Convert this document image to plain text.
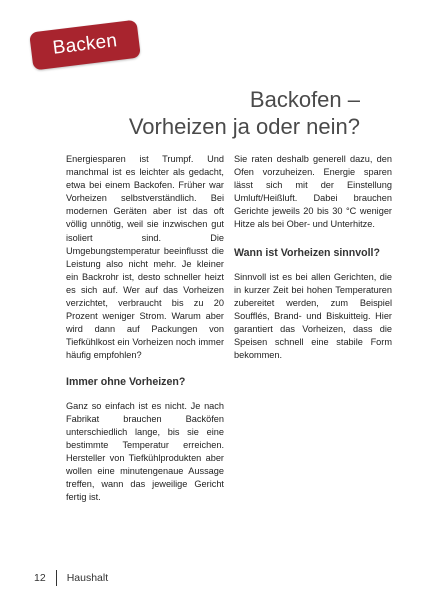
Backen
Backofen –
Vorheizen ja oder nein?

Energiesparen ist Trumpf. Und manchmal ist es leichter als gedacht, etwa bei einem Backofen. Früher war Vorheizen selbstverständlich. Bei modernen Geräten aber ist das oft völlig unnötig, weil sie inzwischen gut isoliert sind. Die Umgebungstemperatur beeinflusst die Leistung also nicht mehr. Je kleiner ein Backrohr ist, desto schneller heizt es sich auf. Wer auf das Vorheizen verzichtet, verbraucht bis zu 20 Prozent weniger Strom. Warum aber wird dann auf Packungen von Tiefkühlkost ein Vorheizen noch immer häufig empfohlen?

Immer ohne Vorheizen?

Ganz so einfach ist es nicht. Je nach Fabrikat brauchen Backöfen unterschiedlich lange, bis sie eine bestimmte Temperatur erreichen. Hersteller von Tiefkühlprodukten aber wollen eine minutengenaue Aussage treffen, wann das jeweilige Gericht fertig ist.

Sie raten deshalb generell dazu, den Ofen vorzuheizen. Energie sparen lässt sich mit der Einstellung Umluft/Heißluft. Dabei brauchen Gerichte jeweils 20 bis 30 °C weniger Hitze als bei Ober- und Unterhitze.

Wann ist Vorheizen sinnvoll?

Sinnvoll ist es bei allen Gerichten, die in kurzer Zeit bei hohen Temperaturen zubereitet werden, zum Beispiel Soufflés, Brand- und Biskuitteig. Hier garantiert das Vorheizen, dass die Speisen schnell eine stabile Form bekommen.

12 Haushalt
